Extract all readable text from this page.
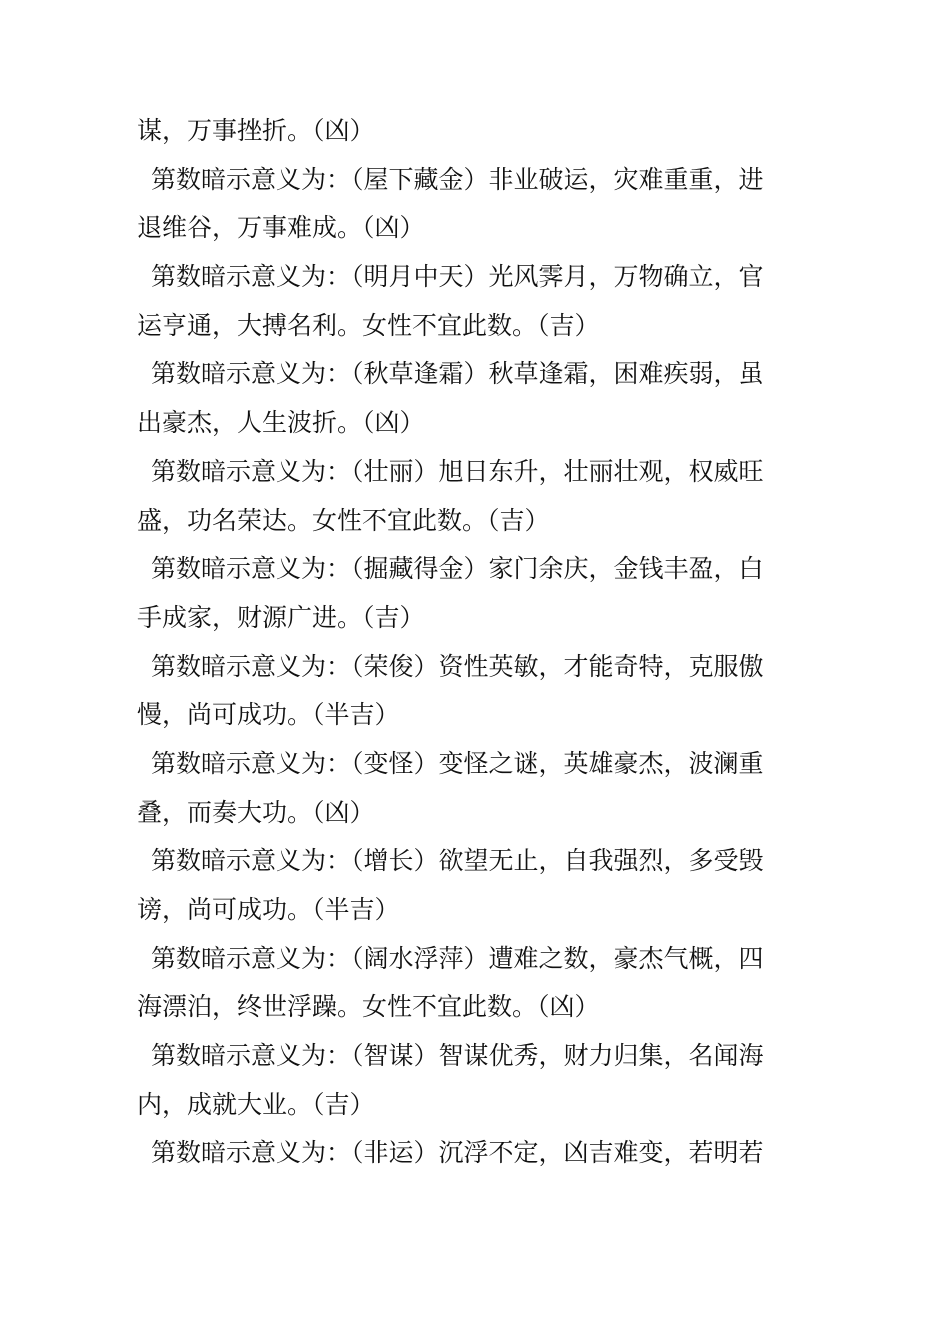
谋，万事挫折。（凶）
第数暗示意义为：（屋下藏金）非业破运，灾难重重，进
退维谷，万事难成。（凶）
第数暗示意义为：（明月中天）光风霁月，万物确立，官
运亨通，大搏名利。女性不宜此数。（吉）
第数暗示意义为：（秋草逢霜）秋草逢霜，困难疾弱，虽
出豪杰，人生波折。（凶）
第数暗示意义为：（壮丽）旭日东升，壮丽壮观，权威旺
盛，功名荣达。女性不宜此数。（吉）
第数暗示意义为：（掘藏得金）家门余庆，金钱丰盈，白
手成家，财源广进。（吉）
第数暗示意义为：（荣俊）资性英敏，才能奇特，克服傲
慢，尚可成功。（半吉）
第数暗示意义为：（变怪）变怪之谜，英雄豪杰，波澜重
叠，而奏大功。（凶）
第数暗示意义为：（增长）欲望无止，自我强烈，多受毁
谤，尚可成功。（半吉）
第数暗示意义为：（阔水浮萍）遭难之数，豪杰气概，四
海漂泊，终世浮躁。女性不宜此数。（凶）
第数暗示意义为：（智谋）智谋优秀，财力归集，名闻海
内，成就大业。（吉）
第数暗示意义为：（非运）沉浮不定，凶吉难变，若明若
